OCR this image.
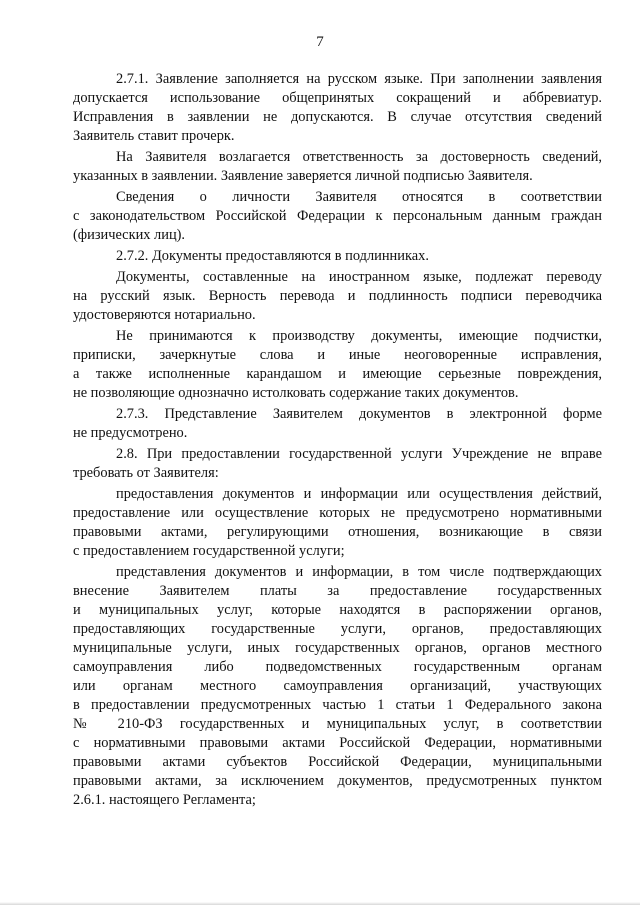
7
2.7.1. Заявление заполняется на русском языке. При заполнении заявления
допускается использование общепринятых сокращений и аббревиатур.
Исправления в заявлении не допускаются. В случае отсутствия сведений
Заявитель ставит прочерк.
На Заявителя возлагается ответственность за достоверность сведений,
указанных в заявлении. Заявление заверяется личной подписью Заявителя.
Сведения о личности Заявителя относятся в соответствии
с законодательством Российской Федерации к персональным данным граждан
(физических лиц).
2.7.2. Документы предоставляются в подлинниках.
Документы, составленные на иностранном языке, подлежат переводу
на русский язык. Верность перевода и подлинность подписи переводчика
удостоверяются нотариально.
Не принимаются к производству документы, имеющие подчистки,
приписки, зачеркнутые слова и иные неоговоренные исправления,
а также исполненные карандашом и имеющие серьезные повреждения,
не позволяющие однозначно истолковать содержание таких документов.
2.7.3. Представление Заявителем документов в электронной форме
не предусмотрено.
2.8. При предоставлении государственной услуги Учреждение не вправе
требовать от Заявителя:
предоставления документов и информации или осуществления действий,
предоставление или осуществление которых не предусмотрено нормативными
правовыми актами, регулирующими отношения, возникающие в связи
с предоставлением государственной услуги;
представления документов и информации, в том числе подтверждающих
внесение Заявителем платы за предоставление государственных
и муниципальных услуг, которые находятся в распоряжении органов,
предоставляющих государственные услуги, органов, предоставляющих
муниципальные услуги, иных государственных органов, органов местного
самоуправления либо подведомственных государственным органам
или органам местного самоуправления организаций, участвующих
в предоставлении предусмотренных частью 1 статьи 1 Федерального закона
№ 210-ФЗ государственных и муниципальных услуг, в соответствии
с нормативными правовыми актами Российской Федерации, нормативными
правовыми актами субъектов Российской Федерации, муниципальными
правовыми актами, за исключением документов, предусмотренных пунктом
2.6.1. настоящего Регламента;
